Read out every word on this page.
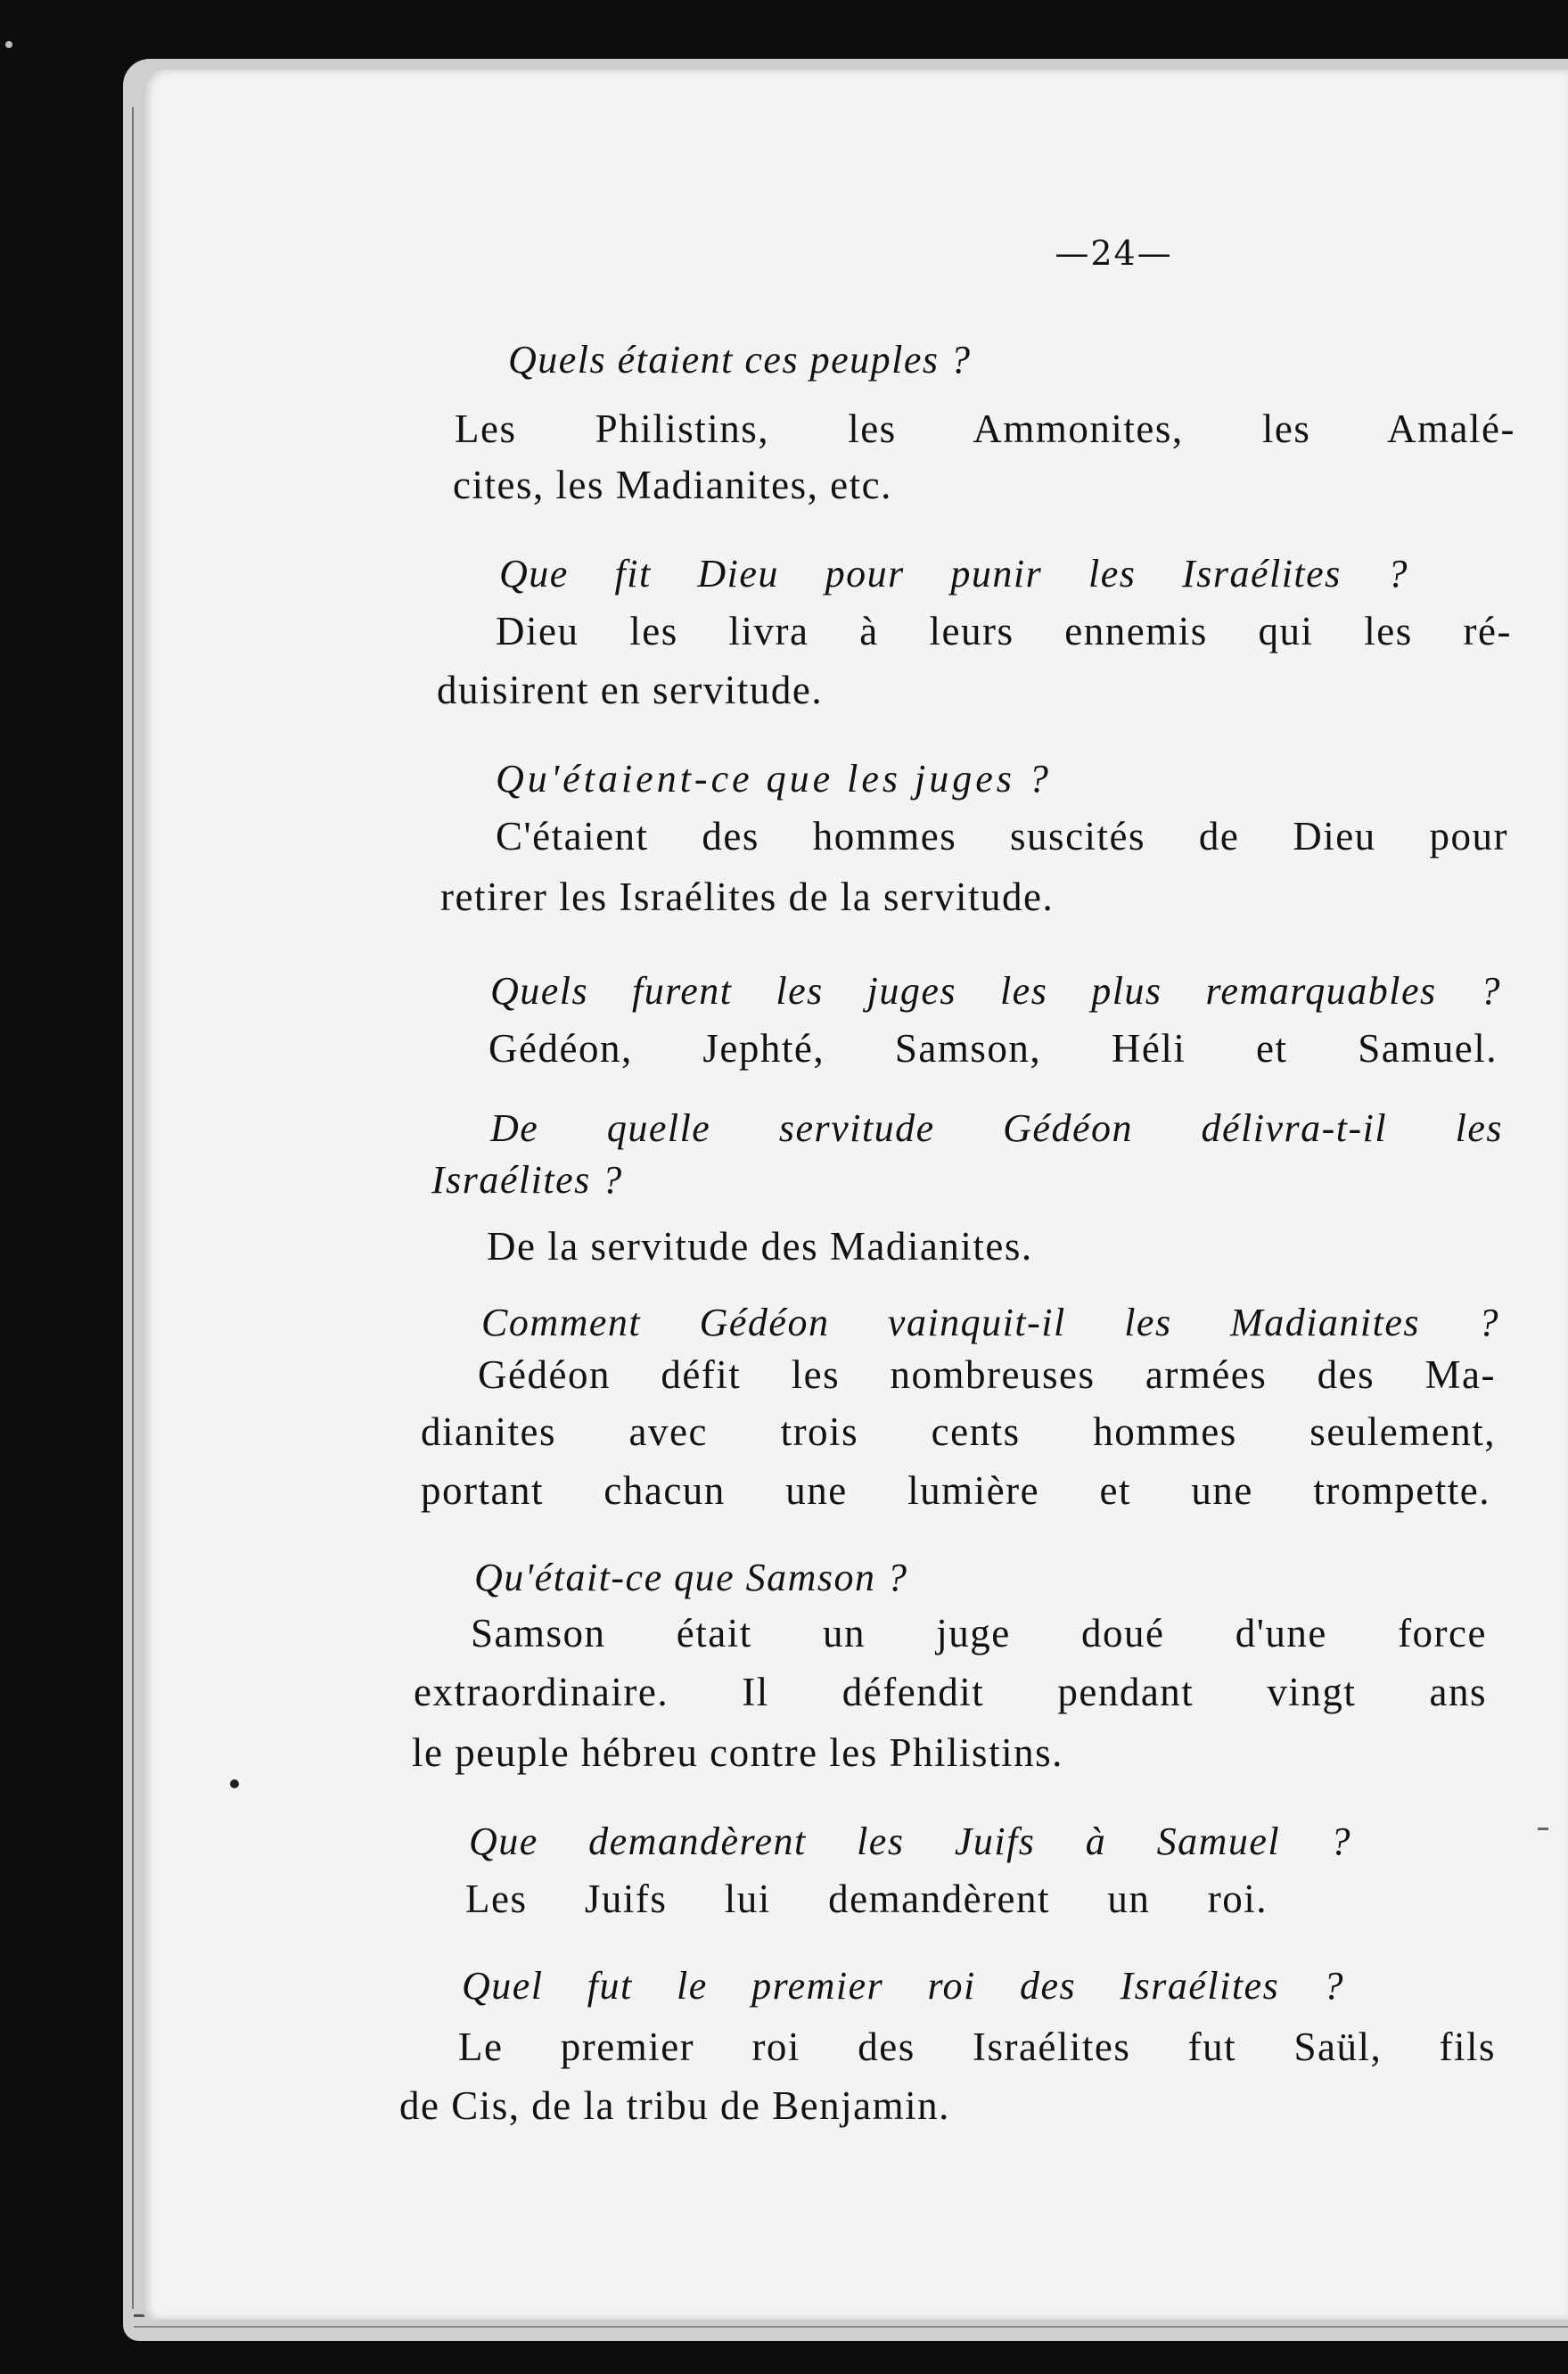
—24—

Quels étaient ces peuples ?

Les Philistins, les Ammonites, les Amalé-

cites, les Madianites, etc.

Que fit Dieu pour punir les Israélites ?

Dieu les livra à leurs ennemis qui les ré-

duisirent en servitude.

Qu'étaient-ce que les juges ?

C'étaient des hommes suscités de Dieu pour

retirer les Israélites de la servitude.

Quels furent les juges les plus remarquables ?

Gédéon, Jephté, Samson, Héli et Samuel.

De quelle servitude Gédéon délivra-t-il les

Israélites ?

De la servitude des Madianites.

Comment Gédéon vainquit-il les Madianites ?

Gédéon défit les nombreuses armées des Ma-

dianites avec trois cents hommes seulement,

portant chacun une lumière et une trompette.

Qu'était-ce que Samson ?

Samson était un juge doué d'une force

extraordinaire. Il défendit pendant vingt ans

le peuple hébreu contre les Philistins.

Que demandèrent les Juifs à Samuel ?

Les Juifs lui demandèrent un roi.

Quel fut le premier roi des Israélites ?

Le premier roi des Israélites fut Saül, fils

de Cis, de la tribu de Benjamin.
